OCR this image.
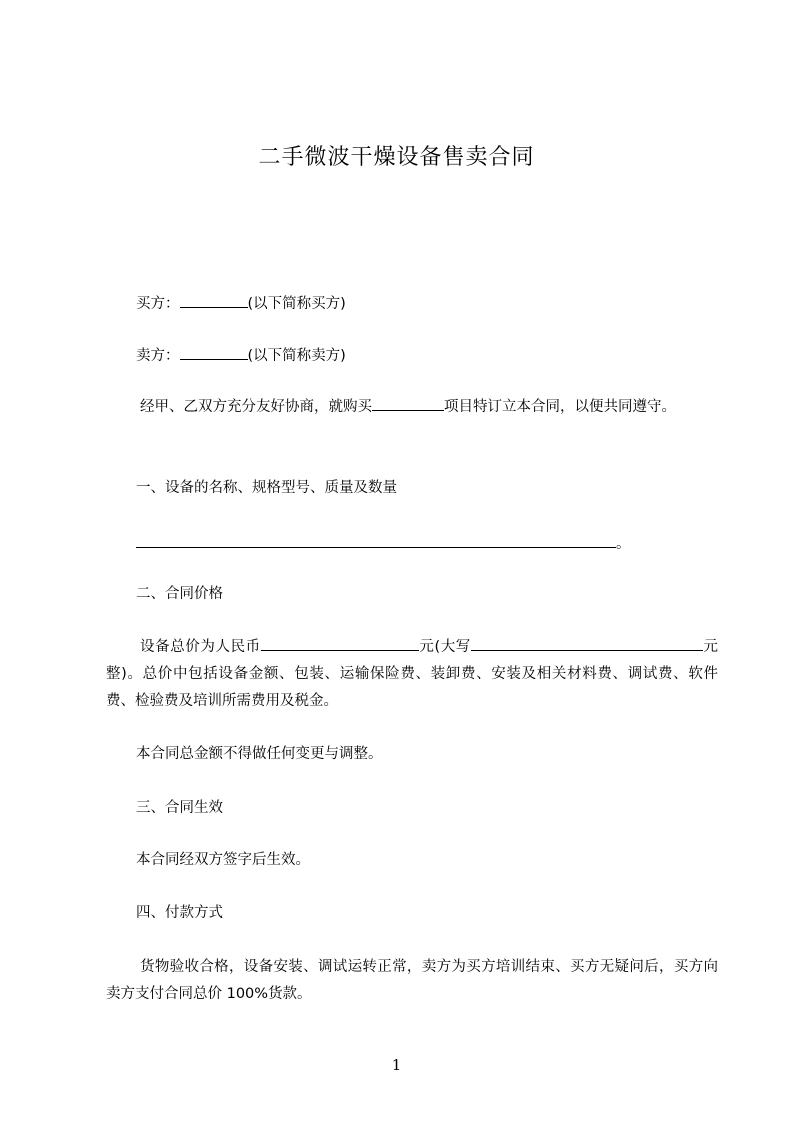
二手微波干燥设备售卖合同
买方：	(以下简称买方)
卖方：	(以下简称卖方)
经甲、乙双方充分友好协商，就购买	项目特订立本合同，以便共同遵守。
一、设备的名称、规格型号、质量及数量
。
二、合同价格
设备总价为人民币	元(大写	元整)。总价中包括设备金额、包装、运输保险费、装卸费、安装及相关材料费、调试费、软件费、检验费及培训所需费用及税金。
本合同总金额不得做任何变更与调整。
三、合同生效
本合同经双方签字后生效。
四、付款方式
货物验收合格，设备安装、调试运转正常，卖方为买方培训结束、买方无疑问后，买方向卖方支付合同总价 100%货款。
1
